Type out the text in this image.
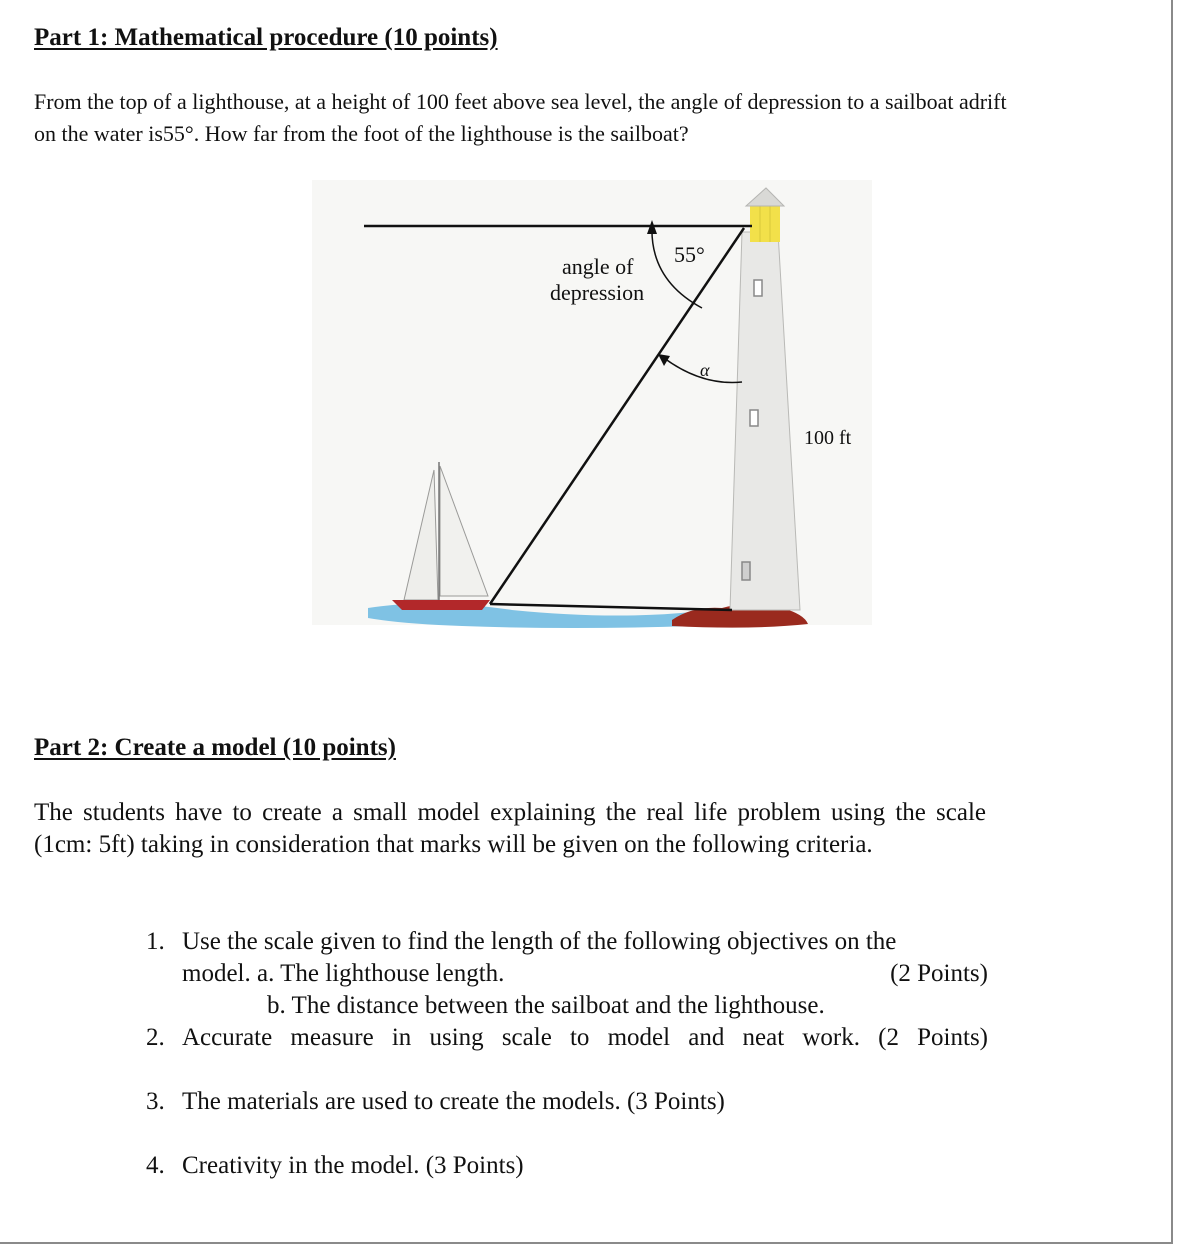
Part 1: Mathematical procedure (10 points)
From the top of a lighthouse, at a height of 100 feet above sea level, the angle of depression to a sailboat adrift
on the water is55°. How far from the foot of the lighthouse is the sailboat?
angle of
depression
55°
α
100 ft
Part 2: Create a model (10 points)

The students have to create a small model explaining the real life problem using the scale (1cm: 5ft) taking in consideration that marks will be given on the following criteria.

1. Use the scale given to find the length of the following objectives on the
model. a. The lighthouse length.	(2 Points)
b. The distance between the sailboat and the lighthouse.
2. Accurate measure in using scale to model and neat work. (2 Points)
3. The materials are used to create the models. (3 Points)
4. Creativity in the model. (3 Points)
